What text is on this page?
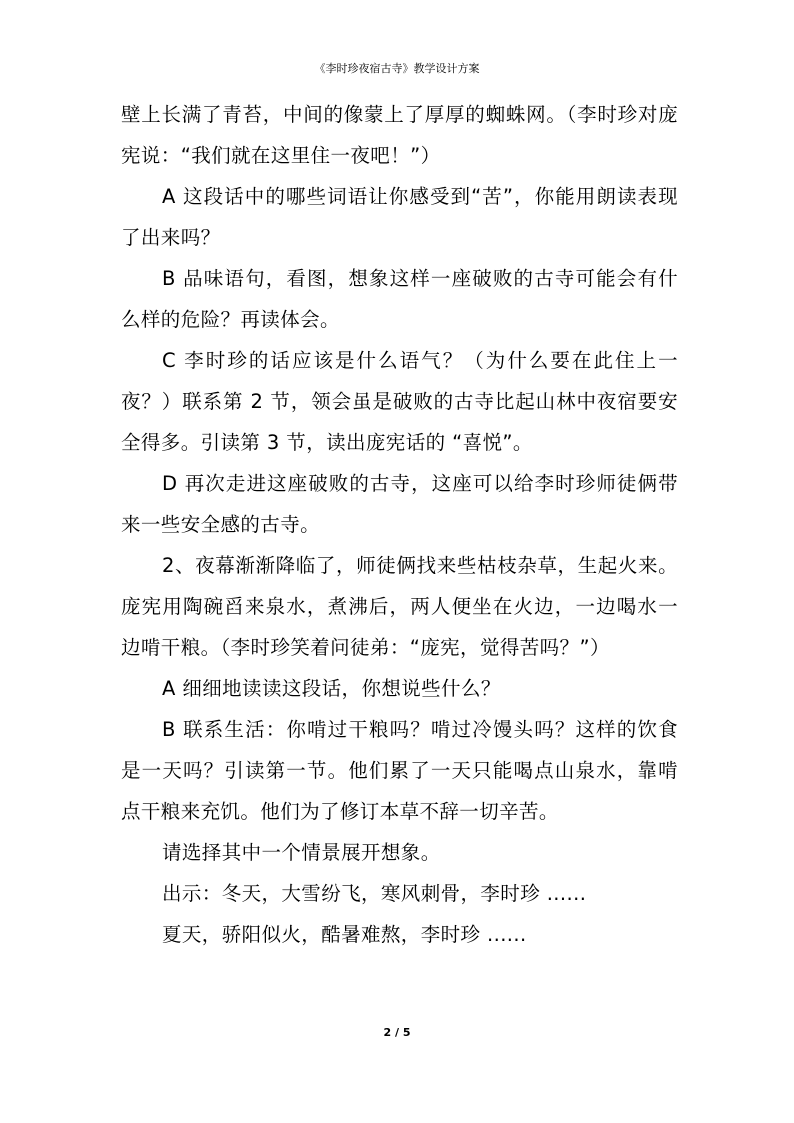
《李时珍夜宿古寺》教学设计方案

壁上长满了青苔，中间的像蒙上了厚厚的蜘蛛网。（李时珍对庞宪说：“我们就在这里住一夜吧！”）

A 这段话中的哪些词语让你感受到“苦”，你能用朗读表现了出来吗？

B 品味语句，看图，想象这样一座破败的古寺可能会有什么样的危险？再读体会。

C 李时珍的话应该是什么语气？（为什么要在此住上一夜？）联系第 2 节，领会虽是破败的古寺比起山林中夜宿要安全得多。引读第 3 节，读出庞宪话的 “喜悦”。

D 再次走进这座破败的古寺，这座可以给李时珍师徒俩带来一些安全感的古寺。

2、夜幕渐渐降临了，师徒俩找来些枯枝杂草，生起火来。庞宪用陶碗舀来泉水，煮沸后，两人便坐在火边，一边喝水一边啃干粮。（李时珍笑着问徒弟：“庞宪，觉得苦吗？”）

A 细细地读读这段话，你想说些什么？

B 联系生活：你啃过干粮吗？啃过冷馒头吗？这样的饮食是一天吗？引读第一节。他们累了一天只能喝点山泉水，靠啃点干粮来充饥。他们为了修订本草不辞一切辛苦。

请选择其中一个情景展开想象。

出示：冬天，大雪纷飞，寒风刺骨，李时珍 ......

夏天，骄阳似火，酷暑难熬，李时珍 ......

2 / 5
